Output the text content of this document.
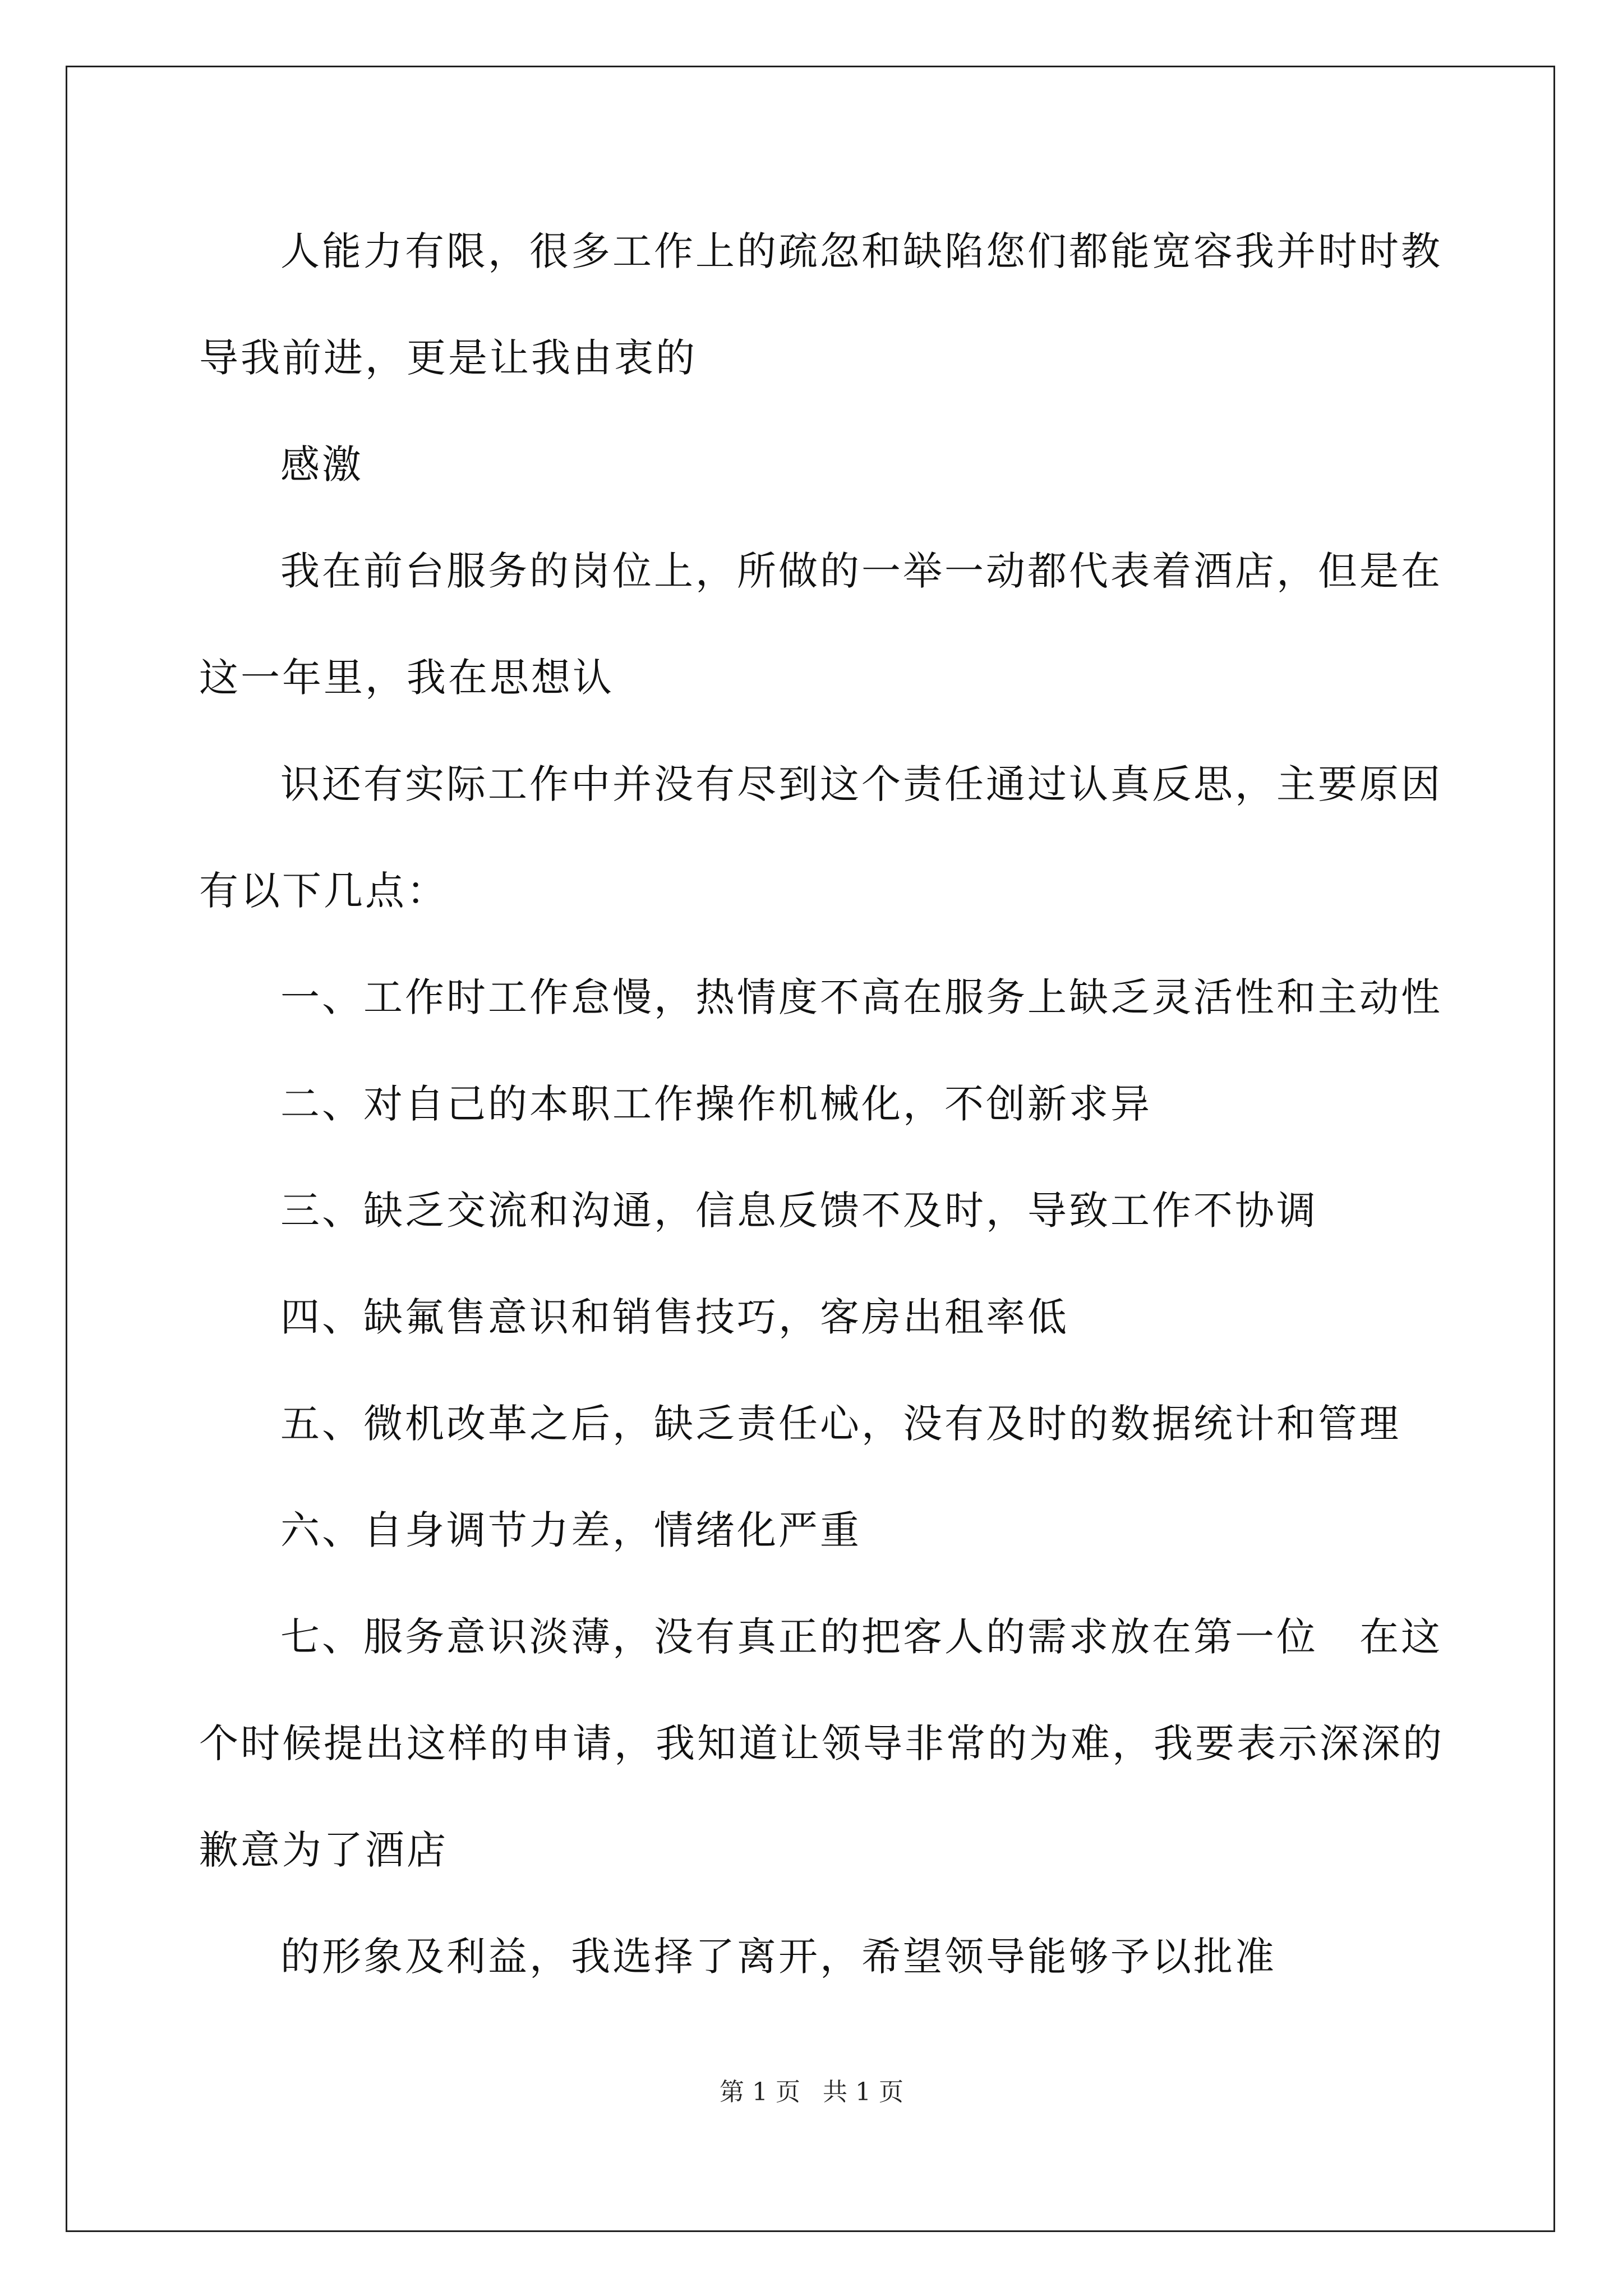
人能力有限，很多工作上的疏忽和缺陷您们都能宽容我并时时教
导我前进，更是让我由衷的
感激
我在前台服务的岗位上，所做的一举一动都代表着酒店，但是在
这一年里，我在思想认
识还有实际工作中并没有尽到这个责任通过认真反思，主要原因
有以下几点：
一、工作时工作怠慢，热情度不高在服务上缺乏灵活性和主动性
二、对自己的本职工作操作机械化，不创新求异
三、缺乏交流和沟通，信息反馈不及时，导致工作不协调
四、缺氟售意识和销售技巧，客房出租率低
五、微机改革之后，缺乏责任心，没有及时的数据统计和管理
六、自身调节力差，情绪化严重
七、服务意识淡薄，没有真正的把客人的需求放在第一位　在这
个时候提出这样的申请，我知道让领导非常的为难，我要表示深深的
歉意为了酒店
的形象及利益，我选择了离开，希望领导能够予以批准
第 1 页 共 1 页
